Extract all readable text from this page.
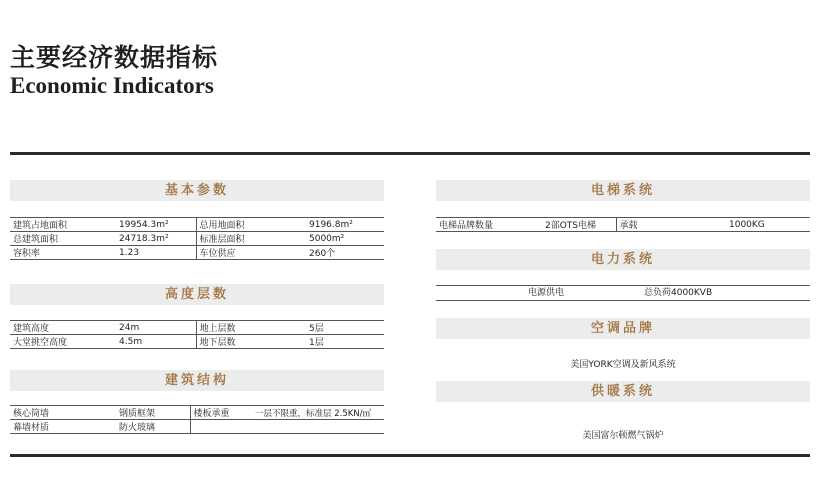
主要经济数据指标
Economic Indicators
基本参数
建筑占地面积	19954.3m²	总用地面积	9196.8m²
总建筑面积	24718.3m²	标准层面积	5000m²
容积率	1.23	车位供应	260个
高度层数
建筑高度	24m	地上层数	5层
大堂挑空高度	4.5m	地下层数	1层
建筑结构
核心筒墙	钢质框架	楼板承重	一层不限重，标准层 2.5KN/㎡
幕墙材质	防火玻璃		
电梯系统
电梯品牌数量	2部OTS电梯	承载	1000KG
电力系统
电源供电	总负荷4000KVB
空调品牌
美国YORK空调及新风系统
供暖系统
美国富尔顿燃气锅炉
